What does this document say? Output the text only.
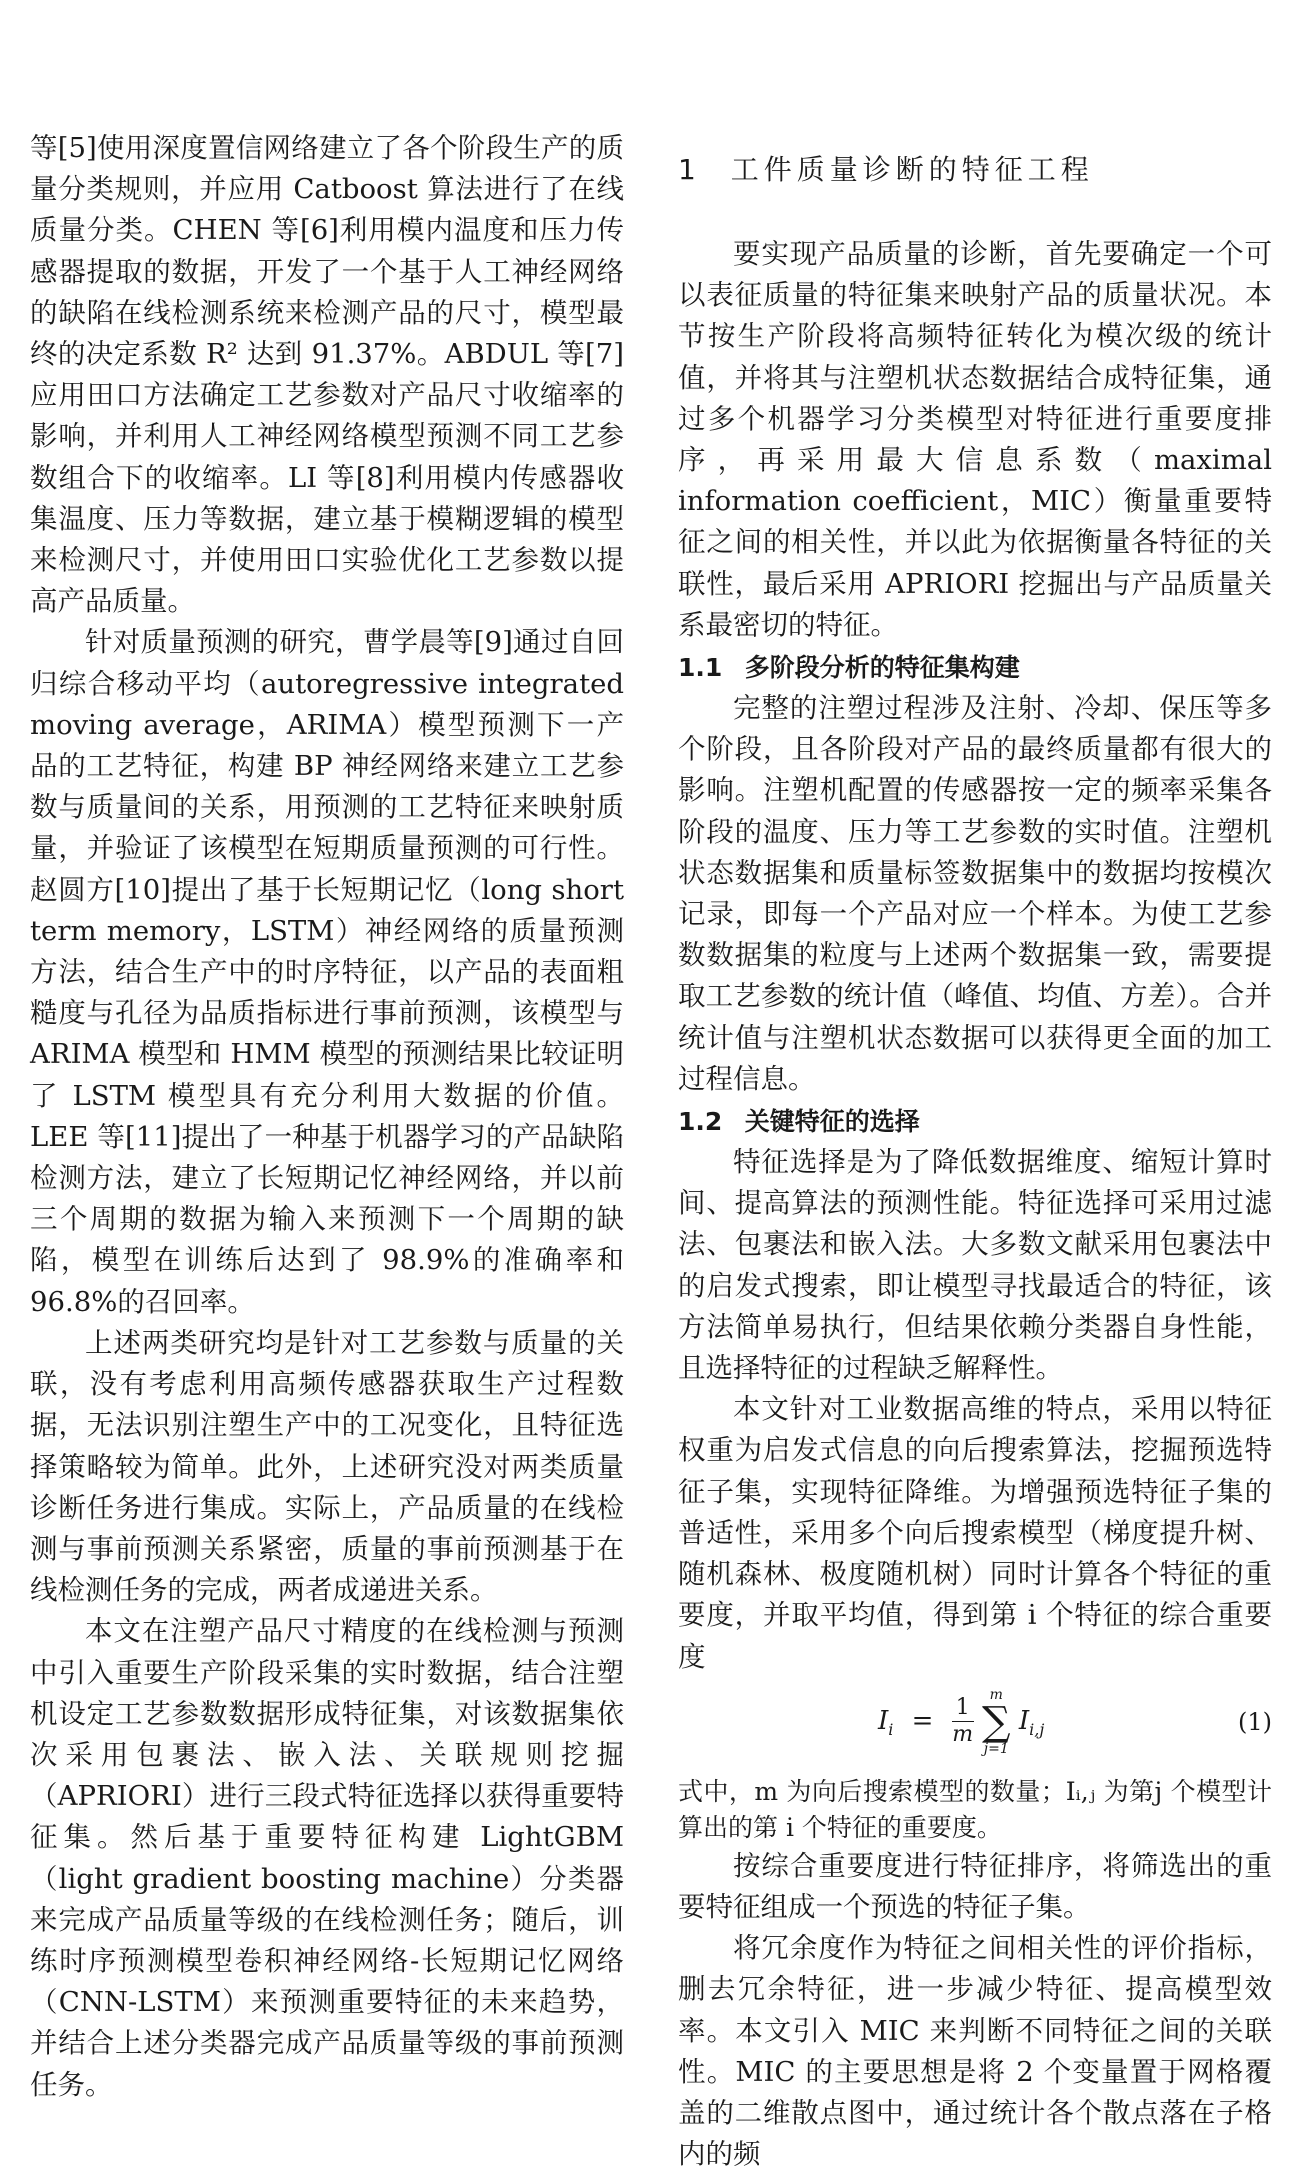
等[5]使用深度置信网络建立了各个阶段生产的质量分类规则，并应用 Catboost 算法进行了在线质量分类。CHEN 等[6]利用模内温度和压力传感器提取的数据，开发了一个基于人工神经网络的缺陷在线检测系统来检测产品的尺寸，模型最终的决定系数 R² 达到 91.37%。ABDUL 等[7]应用田口方法确定工艺参数对产品尺寸收缩率的影响，并利用人工神经网络模型预测不同工艺参数组合下的收缩率。LI 等[8]利用模内传感器收集温度、压力等数据，建立基于模糊逻辑的模型来检测尺寸，并使用田口实验优化工艺参数以提高产品质量。

针对质量预测的研究，曹学晨等[9]通过自回归综合移动平均（autoregressive integrated moving average，ARIMA）模型预测下一产品的工艺特征，构建 BP 神经网络来建立工艺参数与质量间的关系，用预测的工艺特征来映射质量，并验证了该模型在短期质量预测的可行性。赵圆方[10]提出了基于长短期记忆（long short term memory，LSTM）神经网络的质量预测方法，结合生产中的时序特征，以产品的表面粗糙度与孔径为品质指标进行事前预测，该模型与 ARIMA 模型和 HMM 模型的预测结果比较证明了 LSTM 模型具有充分利用大数据的价值。LEE 等[11]提出了一种基于机器学习的产品缺陷检测方法，建立了长短期记忆神经网络，并以前三个周期的数据为输入来预测下一个周期的缺陷，模型在训练后达到了 98.9%的准确率和 96.8%的召回率。

上述两类研究均是针对工艺参数与质量的关联，没有考虑利用高频传感器获取生产过程数据，无法识别注塑生产中的工况变化，且特征选择策略较为简单。此外，上述研究没对两类质量诊断任务进行集成。实际上，产品质量的在线检测与事前预测关系紧密，质量的事前预测基于在线检测任务的完成，两者成递进关系。

本文在注塑产品尺寸精度的在线检测与预测中引入重要生产阶段采集的实时数据，结合注塑机设定工艺参数数据形成特征集，对该数据集依次采用包裹法、嵌入法、关联规则挖掘（APRIORI）进行三段式特征选择以获得重要特征集。然后基于重要特征构建 LightGBM（light gradient boosting machine）分类器来完成产品质量等级的在线检测任务；随后，训练时序预测模型卷积神经网络-长短期记忆网络（CNN-LSTM）来预测重要特征的未来趋势，并结合上述分类器完成产品质量等级的事前预测任务。

1 工件质量诊断的特征工程

要实现产品质量的诊断，首先要确定一个可以表征质量的特征集来映射产品的质量状况。本节按生产阶段将高频特征转化为模次级的统计值，并将其与注塑机状态数据结合成特征集，通过多个机器学习分类模型对特征进行重要度排序，再采用最大信息系数（maximal information coefficient，MIC）衡量重要特征之间的相关性，并以此为依据衡量各特征的关联性，最后采用 APRIORI 挖掘出与产品质量关系最密切的特征。

1.1 多阶段分析的特征集构建

完整的注塑过程涉及注射、冷却、保压等多个阶段，且各阶段对产品的最终质量都有很大的影响。注塑机配置的传感器按一定的频率采集各阶段的温度、压力等工艺参数的实时值。注塑机状态数据集和质量标签数据集中的数据均按模次记录，即每一个产品对应一个样本。为使工艺参数数据集的粒度与上述两个数据集一致，需要提取工艺参数的统计值（峰值、均值、方差）。合并统计值与注塑机状态数据可以获得更全面的加工过程信息。

1.2 关键特征的选择

特征选择是为了降低数据维度、缩短计算时间、提高算法的预测性能。特征选择可采用过滤法、包裹法和嵌入法。大多数文献采用包裹法中的启发式搜索，即让模型寻找最适合的特征，该方法简单易执行，但结果依赖分类器自身性能，且选择特征的过程缺乏解释性。

本文针对工业数据高维的特点，采用以特征权重为启发式信息的向后搜索算法，挖掘预选特征子集，实现特征降维。为增强预选特征子集的普适性，采用多个向后搜索模型（梯度提升树、随机森林、极度随机树）同时计算各个特征的重要度，并取平均值，得到第 i 个特征的综合重要度

$I_i = \frac{1}{m}$

m
∑
j=1
$I_{i,j}$	(1)

式中，m 为向后搜索模型的数量；Iᵢ,ⱼ 为第j 个模型计算出的第 i 个特征的重要度。

按综合重要度进行特征排序，将筛选出的重要特征组成一个预选的特征子集。

将冗余度作为特征之间相关性的评价指标，删去冗余特征，进一步减少特征、提高模型效率。本文引入 MIC 来判断不同特征之间的关联性。MIC 的主要思想是将 2 个变量置于网格覆盖的二维散点图中，通过统计各个散点落在子格内的频
